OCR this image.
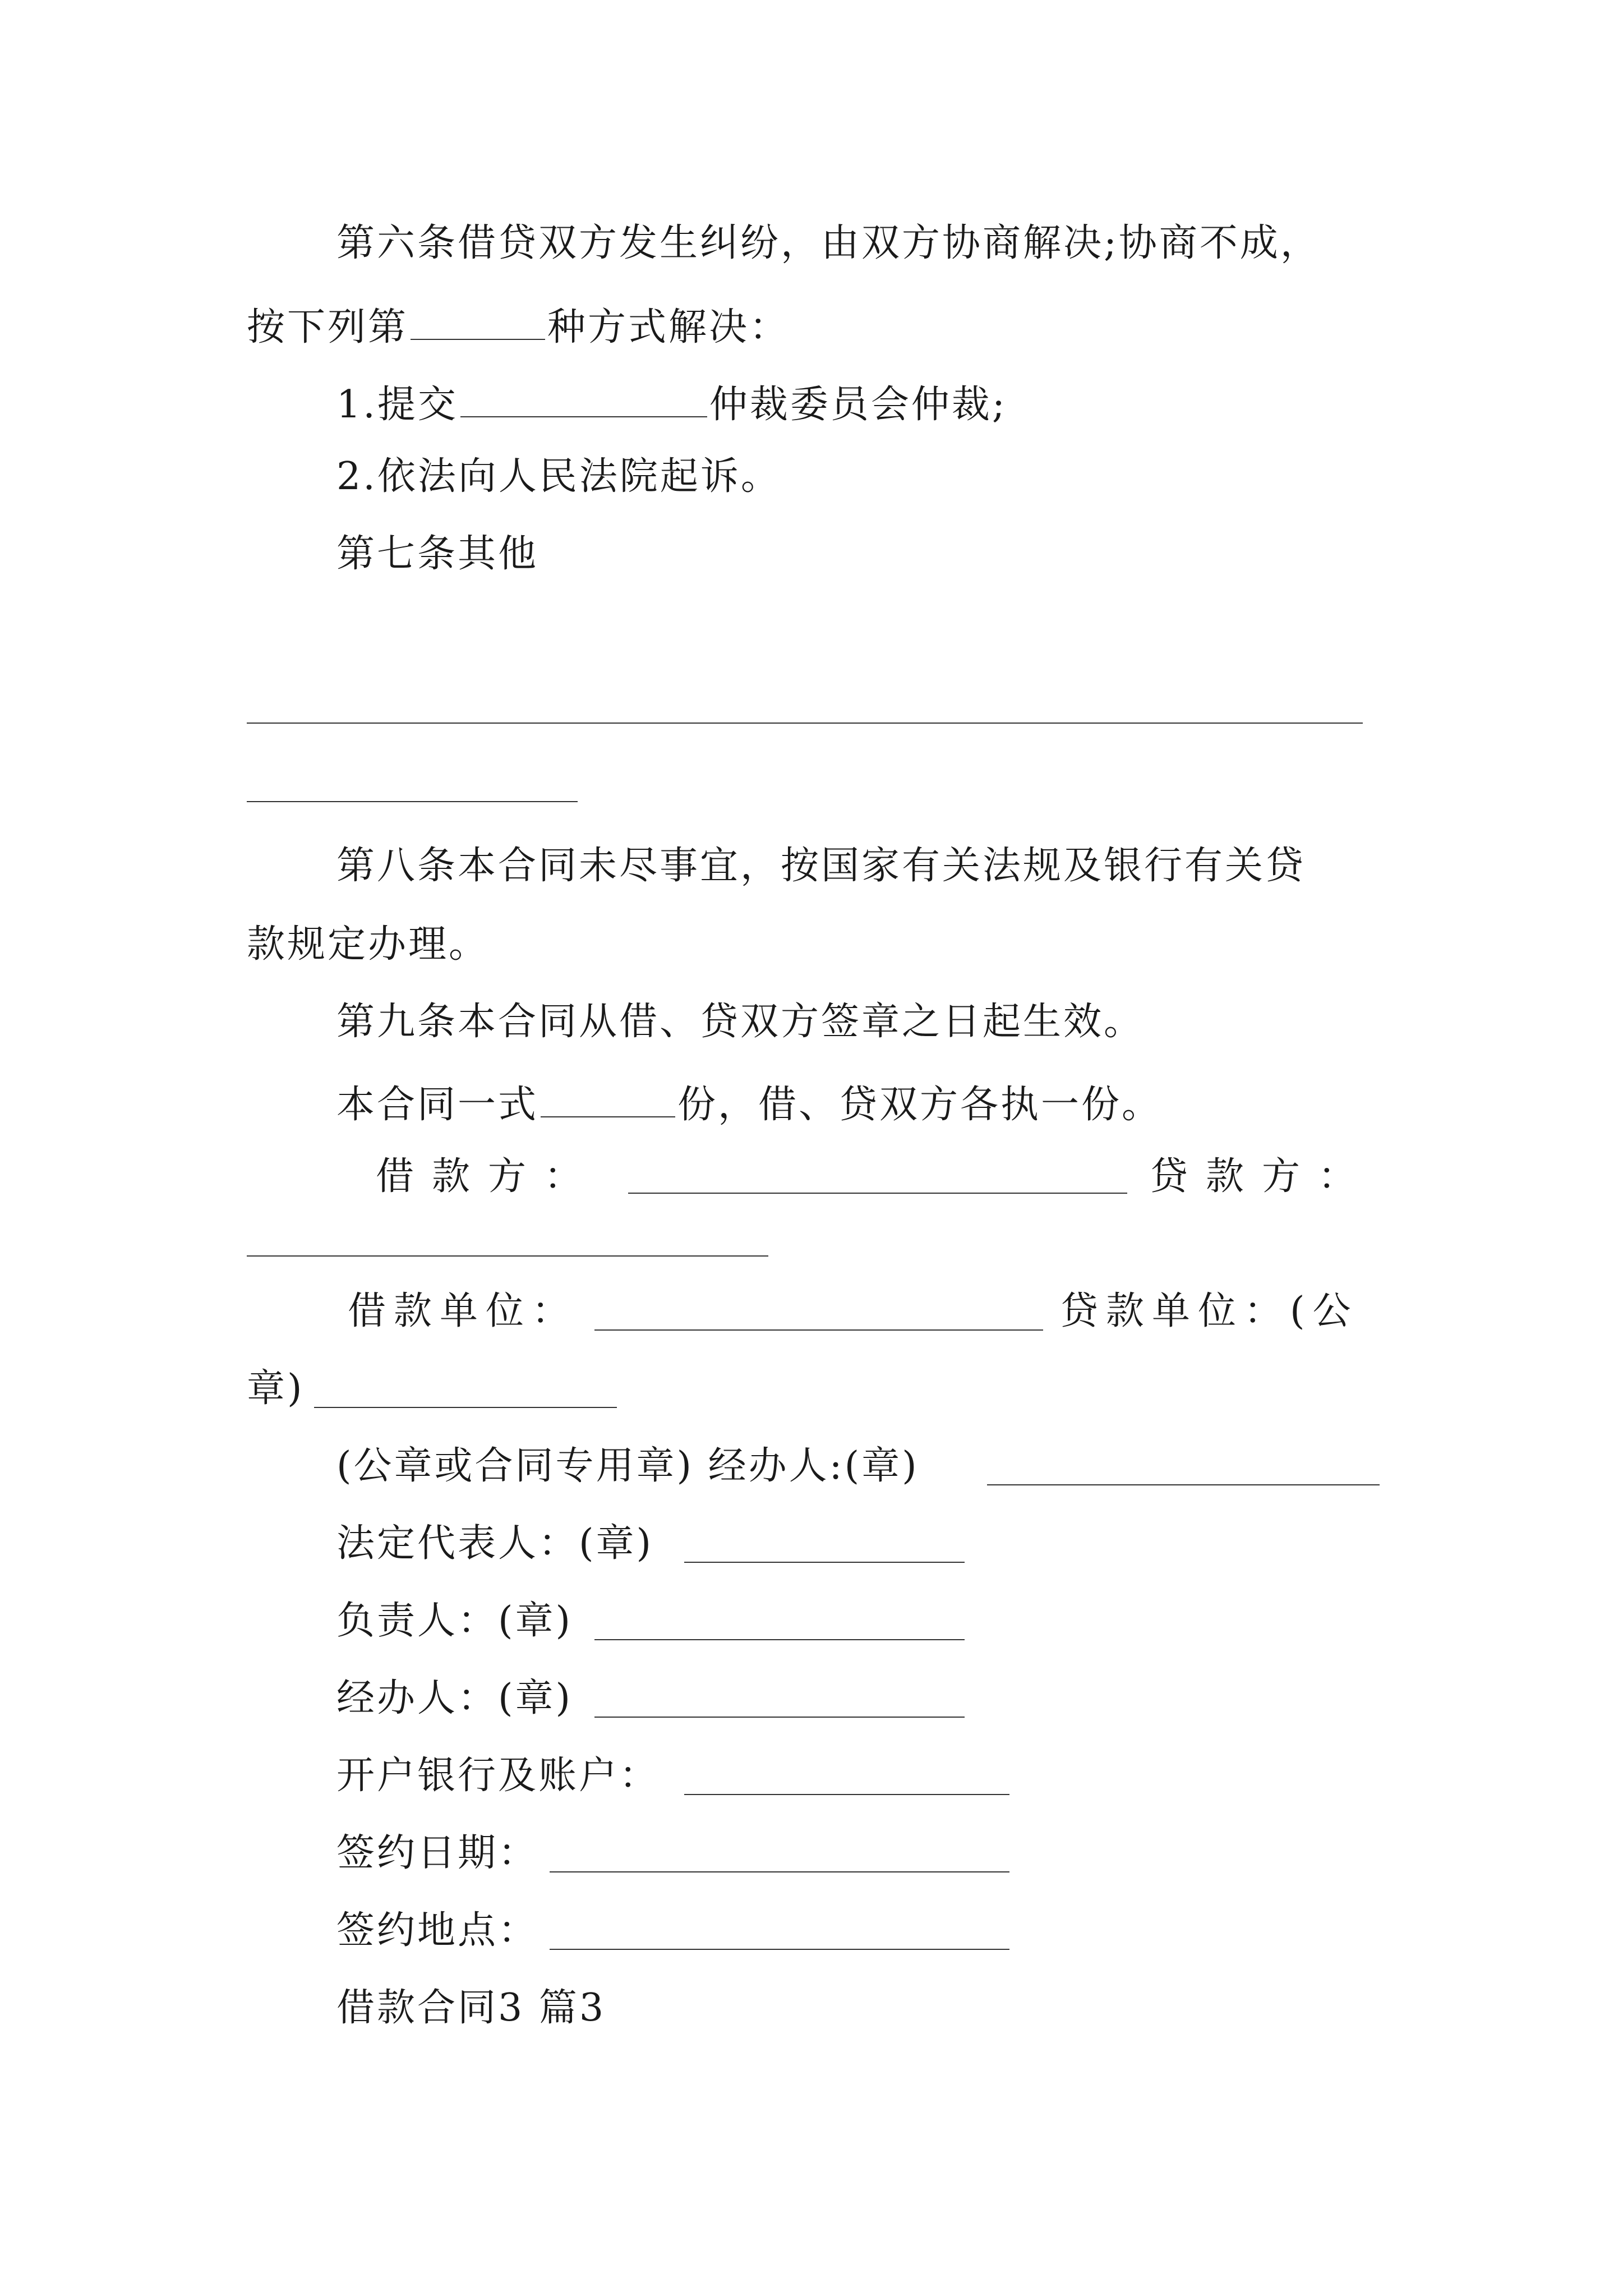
第六条借贷双方发生纠纷，由双方协商解决;协商不成，
按下列第	种方式解决：
1.提交	仲裁委员会仲裁;
2.依法向人民法院起诉。
第七条其他
第八条本合同未尽事宜，按国家有关法规及银行有关贷
款规定办理。
第九条本合同从借、贷双方签章之日起生效。
本合同一式	份，借、贷双方各执一份。
借款方：	贷款方：
借款单位：	贷款单位：(公
章)
(公章或合同专用章) 经办人:(章)
法定代表人：(章)
负责人：(章)
经办人：(章)
开户银行及账户：
签约日期：
签约地点：
借款合同3 篇3
